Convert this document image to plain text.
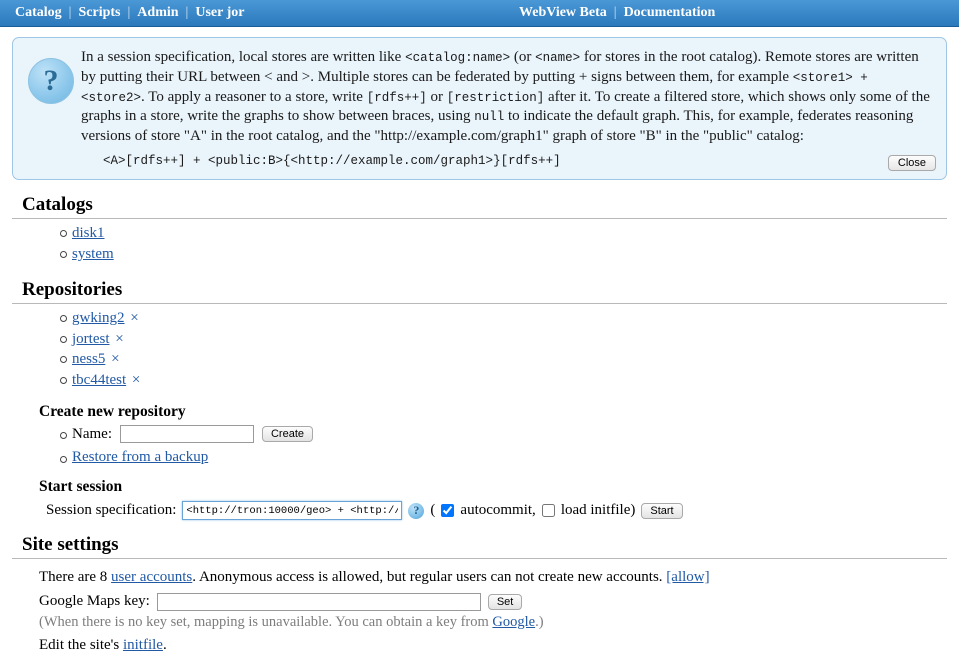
Catalog | Scripts | Admin | User jor	WebView Beta | Documentation
?
In a session specification, local stores are written like <catalog:name> (or <name> for stores in the root catalog). Remote stores are written by putting their URL between < and >. Multiple stores can be federated by putting + signs between them, for example <store1> + <store2>. To apply a reasoner to a store, write [rdfs++] or [restriction] after it. To create a filtered store, which shows only some of the graphs in a store, write the graphs to show between braces, using null to indicate the default graph. This, for example, federates reasoning versions of store "A" in the root catalog, and the "http://example.com/graph1" graph of store "B" in the "public" catalog:
<A>[rdfs++] + <public:B>{<http://example.com/graph1>}[rdfs++]	Close
Catalogs
disk1
system
Repositories
gwking2 ×
jortest ×
ness5 ×
tbc44test ×
Create new repository
Name:	Create
Restore from a backup
Start session
Session specification:
<http://tron:10000/geo> + <http://sky:20000/cen	? ( autocommit, load initfile)	Start
Site settings
There are 8 user accounts. Anonymous access is allowed, but regular users can not create new accounts. [allow]
Google Maps key:	Set
(When there is no key set, mapping is unavailable. You can obtain a key from Google.)
Edit the site's initfile.
